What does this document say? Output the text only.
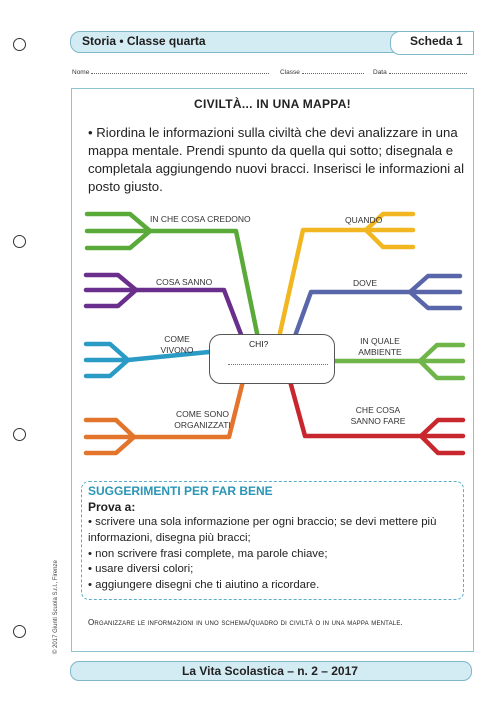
Storia • Classe quarta	Scheda 1
Nome	Classe	Data
CIVILTÀ... IN UNA MAPPA!
• Riordina le informazioni sulla civiltà che devi analizzare in una mappa mentale. Prendi spunto da quella qui sotto; disegnala e completala aggiungendo nuovi bracci. Inserisci le informazioni al posto giusto.
IN CHE COSA CREDONO
COSA SANNO
COME
VIVONO
COME SONO
ORGANIZZATI
QUANDO
DOVE
IN QUALE
AMBIENTE
CHE COSA
SANNO FARE
CHI?
SUGGERIMENTI PER FAR BENE
Prova a:
• scrivere una sola informazione per ogni braccio; se devi mettere più informazioni, disegna più bracci;
• non scrivere frasi complete, ma parole chiave;
• usare diversi colori;
• aggiungere disegni che ti aiutino a ricordare.
Organizzare le informazioni in uno schema/quadro di civiltà o in una mappa mentale.
© 2017 Giunti Scuola S.r.l., Firenze
La Vita Scolastica – n. 2 – 2017
